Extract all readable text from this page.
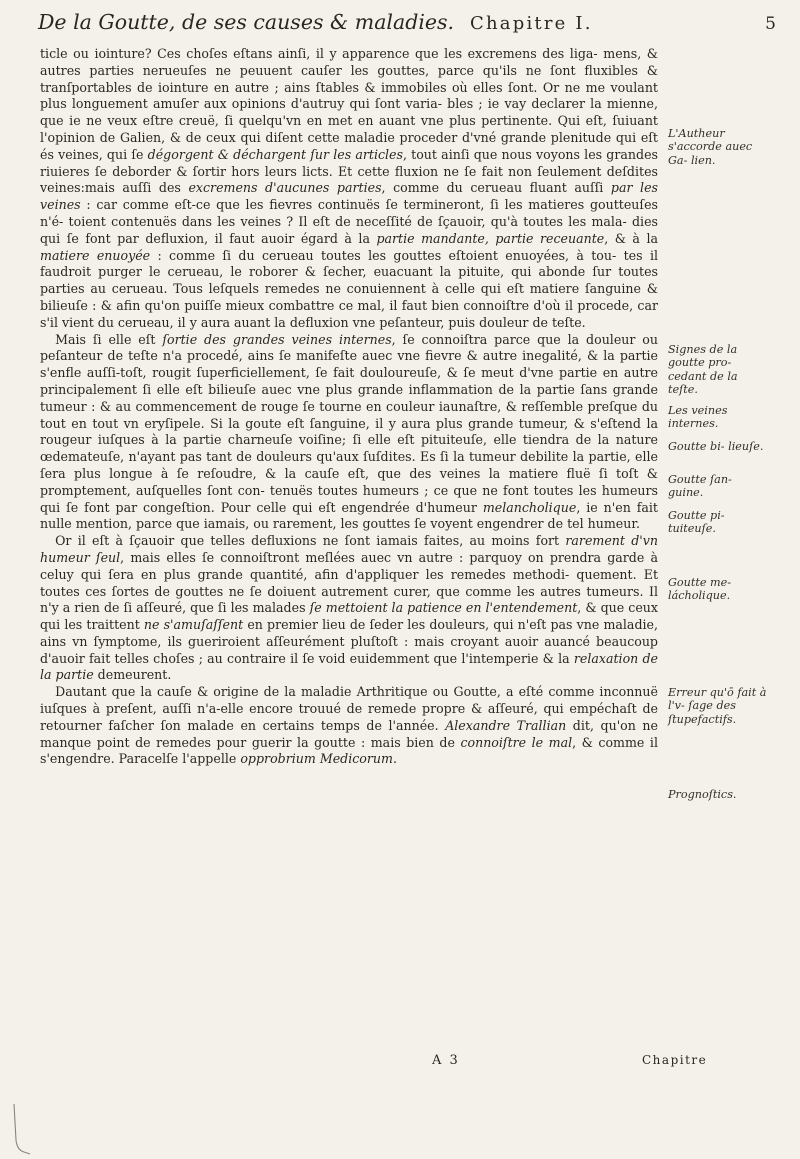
De la Goutte, de ses causes & maladies. Chapitre I.	5

ticle ou iointure? Ces choſes eſtans ainſi, il y apparence que les excremens des liga- mens, & autres parties nerueuſes ne peuuent cauſer les gouttes, parce qu'ils ne ſont fluxibles & tranſportables de iointure en autre ; ains ſtables & immobiles où elles ſont. Or ne me voulant plus longuement amuſer aux opinions d'autruy qui ſont varia- bles ; ie vay declarer la mienne, que ie ne veux eſtre creuë, ſi quelqu'vn en met en auant vne plus pertinente. Qui eſt, ſuiuant l'opinion de Galien, & de ceux qui diſent cette maladie proceder d'vné grande plenitude qui eſt és veines, qui ſe dégorgent & déchargent ſur les articles, tout ainſi que nous voyons les grandes riuieres ſe deborder & ſortir hors leurs licts. Et cette fluxion ne ſe fait non ſeulement deſdites veines:mais auſſi des excremens d'aucunes parties, comme du cerueau fluant auſſi par les veines : car comme eſt-ce que les fievres continuës ſe termineront, ſi les matieres goutteuſes n'é- toient contenuës dans les veines ? Il eſt de neceſſité de ſçauoir, qu'à toutes les mala- dies qui ſe font par defluxion, il faut auoir égard à la partie mandante, partie receuante, & à la matiere enuoyée : comme ſi du cerueau toutes les gouttes eſtoient enuoyées, à tou- tes il faudroit purger le cerueau, le roborer & ſecher, euacuant la pituite, qui abonde ſur toutes parties au cerueau. Tous leſquels remedes ne conuiennent à celle qui eſt matiere ſanguine & bilieuſe : & afin qu'on puiſſe mieux combattre ce mal, il faut bien connoiſtre d'où il procede, car s'il vient du cerueau, il y aura auant la defluxion vne peſanteur, puis douleur de teſte.

Mais ſi elle eſt ſortie des grandes veines internes, ſe connoiſtra parce que la douleur ou peſanteur de teſte n'a procedé, ains ſe manifeſte auec vne fievre & autre inegalité, & la partie s'enfle auſſi-toſt, rougit ſuperficiellement, ſe fait douloureuſe, & ſe meut d'vne partie en autre principalement ſi elle eſt bilieuſe auec vne plus grande inflammation de la partie ſans grande tumeur : & au commencement de rouge ſe tourne en couleur iaunaſtre, & reſſemble preſque du tout en tout vn eryſipele. Si la goute eſt ſanguine, il y aura plus grande tumeur, & s'eſtend la rougeur iuſques à la partie charneuſe voiſine; ſi elle eſt pituiteuſe, elle tiendra de la nature œdemateuſe, n'ayant pas tant de douleurs qu'aux ſuſdites. Es ſi la tumeur debilite la partie, elle ſera plus longue à ſe reſoudre, & la cauſe eſt, que des veines la matiere fluë ſi toſt & promptement, auſquelles ſont con- tenuës toutes humeurs ; ce que ne font toutes les humeurs qui ſe font par congeſtion. Pour celle qui eſt engendrée d'humeur melancholique, ie n'en fait nulle mention, parce que iamais, ou rarement, les gouttes ſe voyent engendrer de tel humeur.

Or il eſt à ſçauoir que telles defluxions ne ſont iamais faites, au moins fort rarement d'vn humeur ſeul, mais elles ſe connoiſtront meſlées auec vn autre : parquoy on prendra garde à celuy qui ſera en plus grande quantité, afin d'appliquer les remedes methodi- quement. Et toutes ces ſortes de gouttes ne ſe doiuent autrement curer, que comme les autres tumeurs. Il n'y a rien de ſi aſſeuré, que ſi les malades ſe mettoient la patience en l'entendement, & que ceux qui les traittent ne s'amuſaſſent en premier lieu de ſeder les douleurs, qui n'eſt pas vne maladie, ains vn ſymptome, ils gueriroient aſſeurément pluſtoſt : mais croyant auoir auancé beaucoup d'auoir fait telles choſes ; au contraire il ſe void euidemment que l'intemperie & la relaxation de la partie demeurent.

Dautant que la cauſe & origine de la maladie Arthritique ou Goutte, a eſté comme inconnuë iuſques à preſent, auſſi n'a-elle encore trouué de remede propre & aſſeuré, qui empéchaſt de retourner faſcher ſon malade en certains temps de l'année. Alexandre Trallian dit, qu'on ne manque point de remedes pour guerir la goutte : mais bien de connoiſtre le mal, & comme il s'engendre. Paracelſe l'appelle opprobrium Medicorum.

L'Autheur s'accorde auec Ga- lien.
Signes de la goutte pro- cedant de la teſte.
Les veines internes.
Goutte bi- lieuſe.
Goutte ſan- guine.
Goutte pi- tuiteuſe.
Goutte me- lácholique.
Erreur qu'ō fait à l'v- ſage des ſtupefactifs.
Prognoſtics.
A 3	Chapitre
